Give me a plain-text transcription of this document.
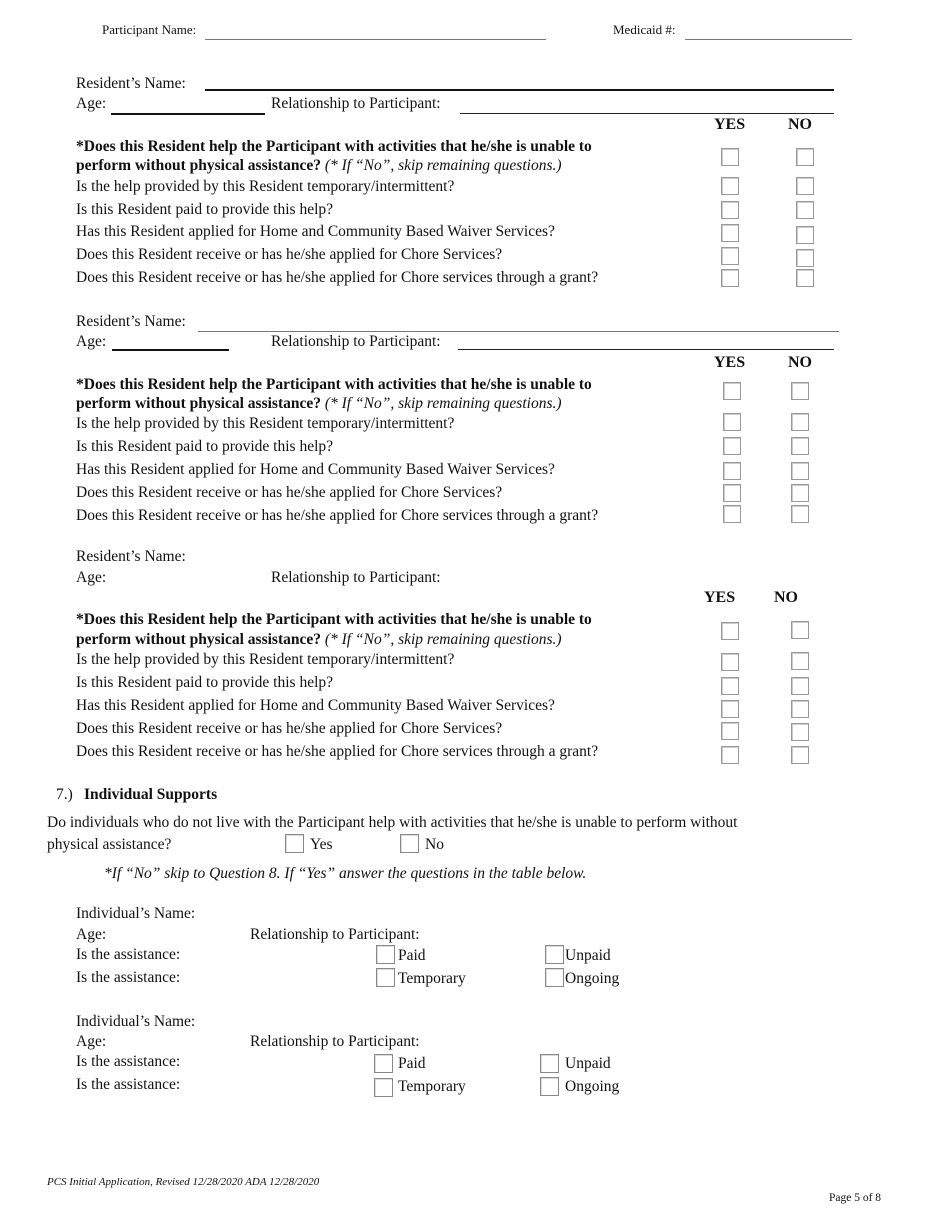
Participant Name:	Medicaid #:
Resident’s Name:
Age:	Relationship to Participant:
YES	NO
*Does this Resident help the Participant with activities that he/she is unable to
perform without physical assistance? (* If “No”, skip remaining questions.)
Is the help provided by this Resident temporary/intermittent?
Is this Resident paid to provide this help?
Has this Resident applied for Home and Community Based Waiver Services?
Does this Resident receive or has he/she applied for Chore Services?
Does this Resident receive or has he/she applied for Chore services through a grant?
Resident’s Name:
Age:	Relationship to Participant:
YES	NO
*Does this Resident help the Participant with activities that he/she is unable to
perform without physical assistance? (* If “No”, skip remaining questions.)
Is the help provided by this Resident temporary/intermittent?
Is this Resident paid to provide this help?
Has this Resident applied for Home and Community Based Waiver Services?
Does this Resident receive or has he/she applied for Chore Services?
Does this Resident receive or has he/she applied for Chore services through a grant?
Resident’s Name:
Age:	Relationship to Participant:
YES NO
*Does this Resident help the Participant with activities that he/she is unable to
perform without physical assistance? (* If “No”, skip remaining questions.)
Is the help provided by this Resident temporary/intermittent?
Is this Resident paid to provide this help?
Has this Resident applied for Home and Community Based Waiver Services?
Does this Resident receive or has he/she applied for Chore Services?
Does this Resident receive or has he/she applied for Chore services through a grant?
7.) Individual Supports
Do individuals who do not live with the Participant help with activities that he/she is unable to perform without
physical assistance?	Yes	No
*If “No” skip to Question 8. If “Yes” answer the questions in the table below.
Individual’s Name:
Age:	Relationship to Participant:
Is the assistance:	Paid	Unpaid
Is the assistance:	Temporary	Ongoing
Individual’s Name:
Age:	Relationship to Participant:
Is the assistance:	Paid	Unpaid
Is the assistance:	Temporary	Ongoing
PCS Initial Application, Revised 12/28/2020 ADA 12/28/2020
Page 5 of 8
